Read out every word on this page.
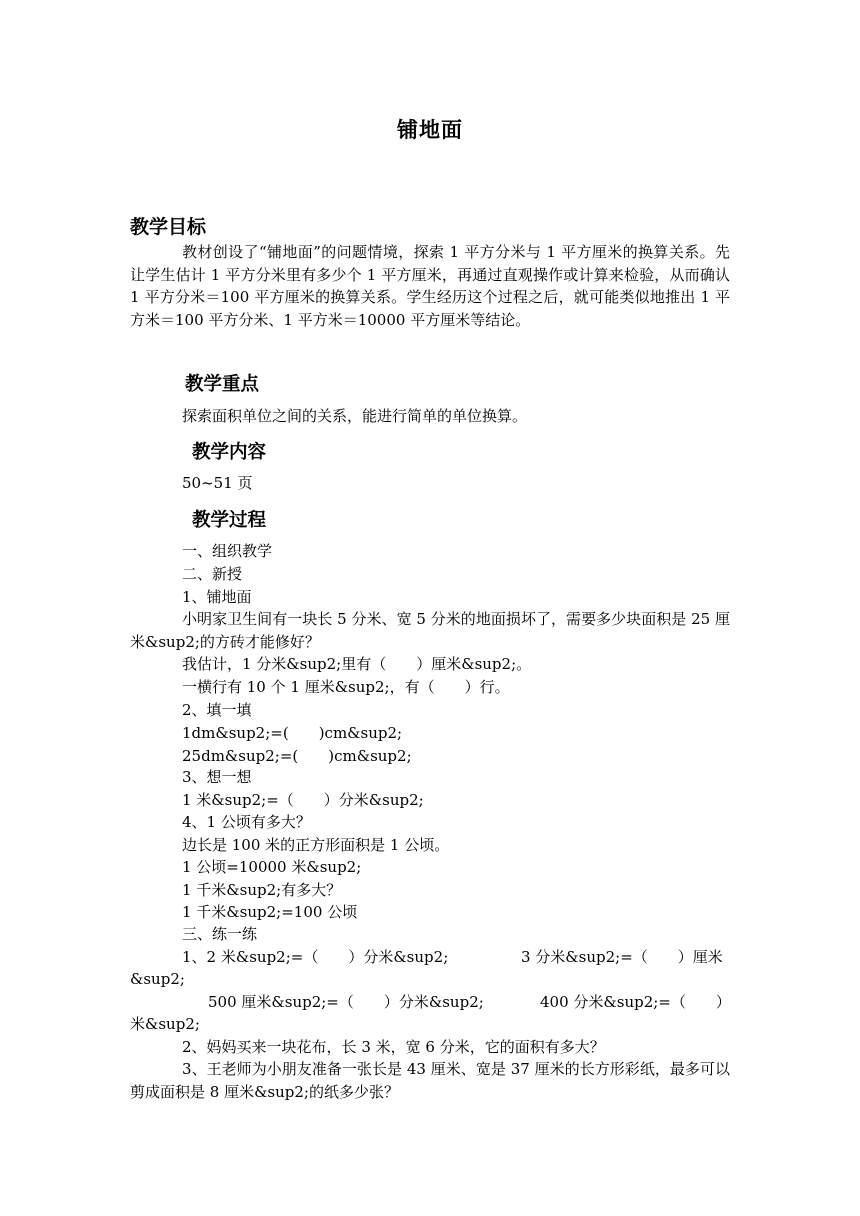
铺地面
教学目标

教材创设了“铺地面”的问题情境，探索 1 平方分米与 1 平方厘米的换算关系。先让学生估计 1 平方分米里有多少个 1 平方厘米，再通过直观操作或计算来检验，从而确认 1 平方分米＝100 平方厘米的换算关系。学生经历这个过程之后，就可能类似地推出 1 平方米＝100 平方分米、1 平方米＝10000 平方厘米等结论。

教学重点
探索面积单位之间的关系，能进行简单的单位换算。
教学内容
50~51 页
教学过程
一、组织教学
二、新授
1、铺地面

小明家卫生间有一块长 5 分米、宽 5 分米的地面损坏了，需要多少块面积是 25 厘米&sup2;的方砖才能修好？

我估计，1 分米&sup2;里有（　　）厘米&sup2;。
一横行有 10 个 1 厘米&sup2;，有（　　）行。
2、填一填
1dm&sup2;=(　　)cm&sup2;
25dm&sup2;=(　　)cm&sup2;
3、想一想
1 米&sup2;=（　　）分米&sup2;
4、1 公顷有多大？
边长是 100 米的正方形面积是 1 公顷。
1 公顷=10000 米&sup2;
1 千米&sup2;有多大？
1 千米&sup2;=100 公顷
三、练一练
1、2 米&sup2;=（　　）分米&sup2;	3 分米&sup2;=（　　）厘米
&sup2;
500 厘米&sup2;=（　　）分米&sup2;	400 分米&sup2;=（　　）
米&sup2;
2、妈妈买来一块花布，长 3 米，宽 6 分米，它的面积有多大？

3、王老师为小朋友准备一张长是 43 厘米、宽是 37 厘米的长方形彩纸，最多可以剪成面积是 8 厘米&sup2;的纸多少张？
